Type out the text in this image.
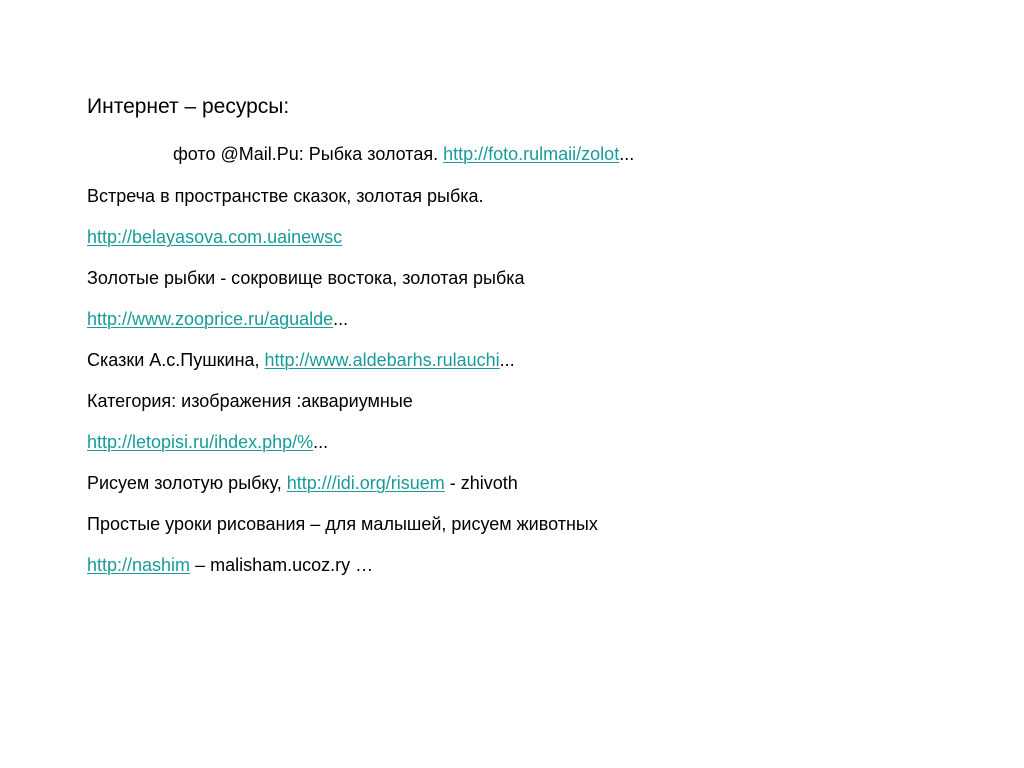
Интернет – ресурсы:
фото @Mail.Pu: Рыбка золотая. http://foto.rulmaii/zolot...
Встреча в пространстве сказок, золотая рыбка.
http://belayasova.com.uainewsc
Золотые рыбки - сокровище востока, золотая рыбка
http://www.zooprice.ru/agualde...
Сказки А.с.Пушкина, http://www.aldebarhs.rulauchi...
Категория: изображения :аквариумные
http://letopisi.ru/ihdex.php/%...
Рисуем золотую рыбку, http:///idi.org/risuem - zhivoth
Простые уроки рисования – для малышей, рисуем животных
http://nashim – malisham.ucoz.ry …
